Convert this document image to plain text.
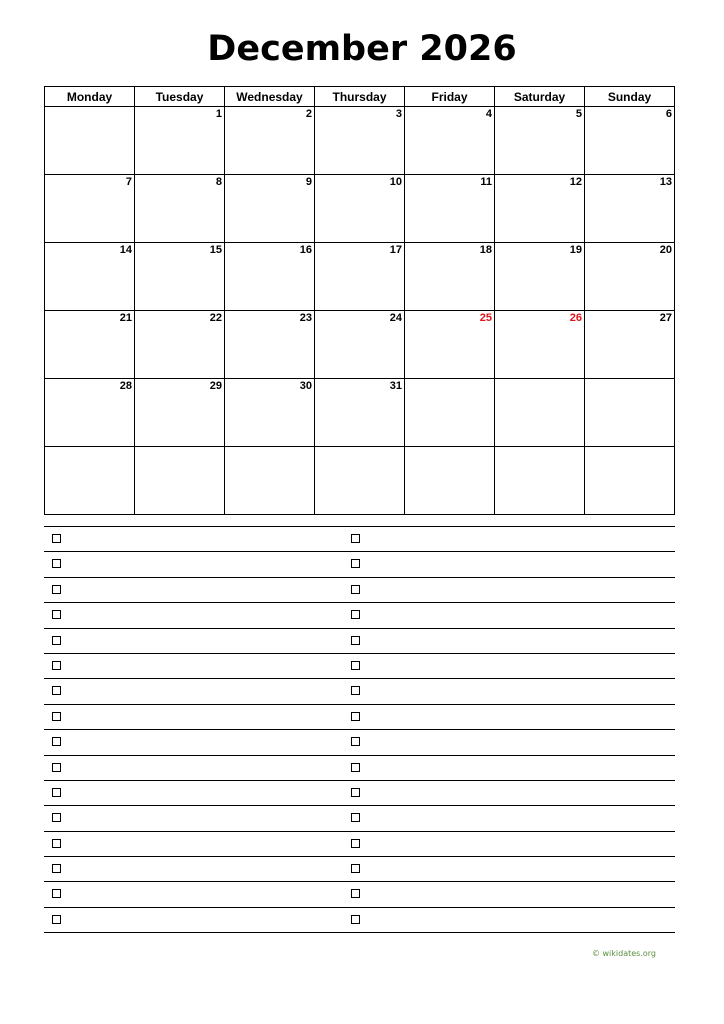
December 2026
Monday	Tuesday	Wednesday	Thursday	Friday	Saturday	Sunday

	1	2	3	4	5	6

7	8	9	10	11	12	13

14	15	16	17	18	19	20

21	22	23	24	25	26	27

28	29	30	31			

© wikidates.org
